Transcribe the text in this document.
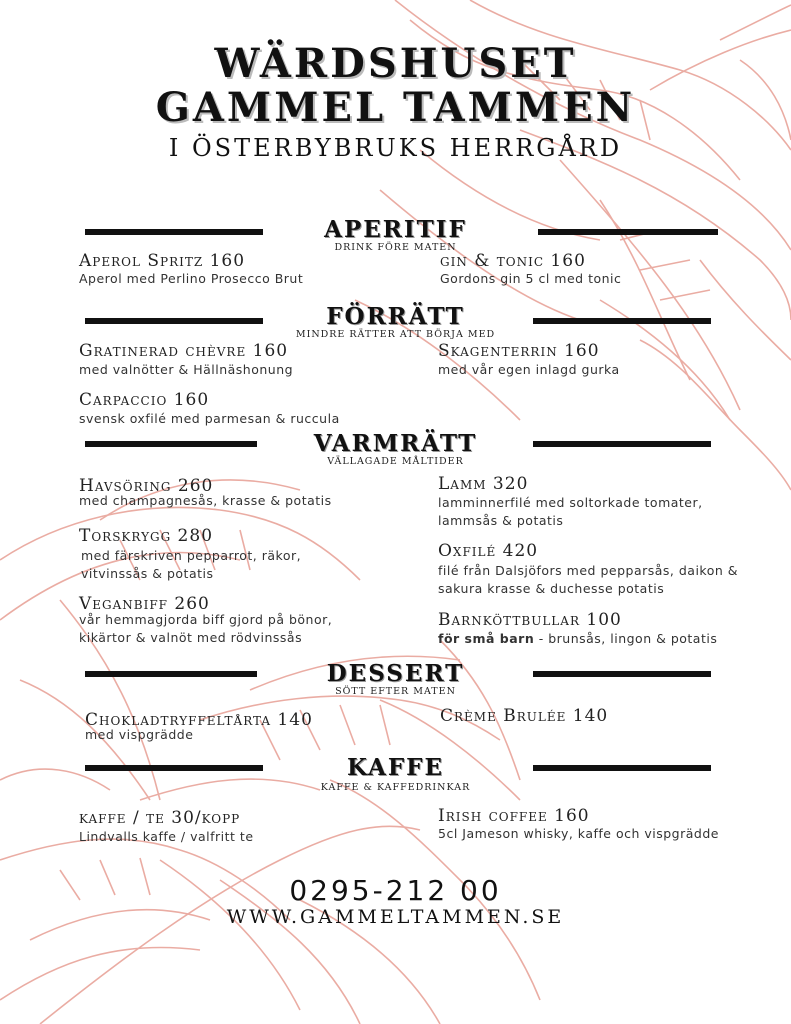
WÄRDSHUSET
GAMMEL TAMMEN
I ÖSTERBYBRUKS HERRGÅRD
APERITIF
DRINK FÖRE MATEN
Aperol Spritz 160
Aperol med Perlino Prosecco Brut
gin & tonic 160
Gordons gin 5 cl med tonic
FÖRRÄTT
MINDRE RÄTTER ATT BÖRJA MED
Gratinerad chèvre 160
med valnötter & Hällnäshonung
Skagenterrin 160
med vår egen inlagd gurka
Carpaccio 160
svensk oxfilé med parmesan & ruccula
VARMRÄTT
VÄLLAGADE MÅLTIDER
Havsöring 260
med champagnesås, krasse & potatis
Lamm 320
lamminnerfilé med soltorkade tomater, lammsås & potatis
Torskrygg 280
med färskriven pepparrot, räkor, vitvinssås & potatis
Oxfilé 420
filé från Dalsjöfors med pepparsås, daikon & sakura krasse & duchesse potatis
Veganbiff 260
vår hemmagjorda biff gjord på bönor, kikärtor & valnöt med rödvinssås
Barnköttbullar 100
för små barn - brunsås, lingon & potatis
DESSERT
SÖTT EFTER MATEN
Chokladtryffeltårta 140
med vispgrädde
Crème Brulée 140
KAFFE
KAFFE & KAFFEDRINKAR
kaffe / te 30/kopp
Lindvalls kaffe / valfritt te
Irish coffee 160
5cl Jameson whisky, kaffe och vispgrädde
0295-212 00
WWW.GAMMELTAMMEN.SE
